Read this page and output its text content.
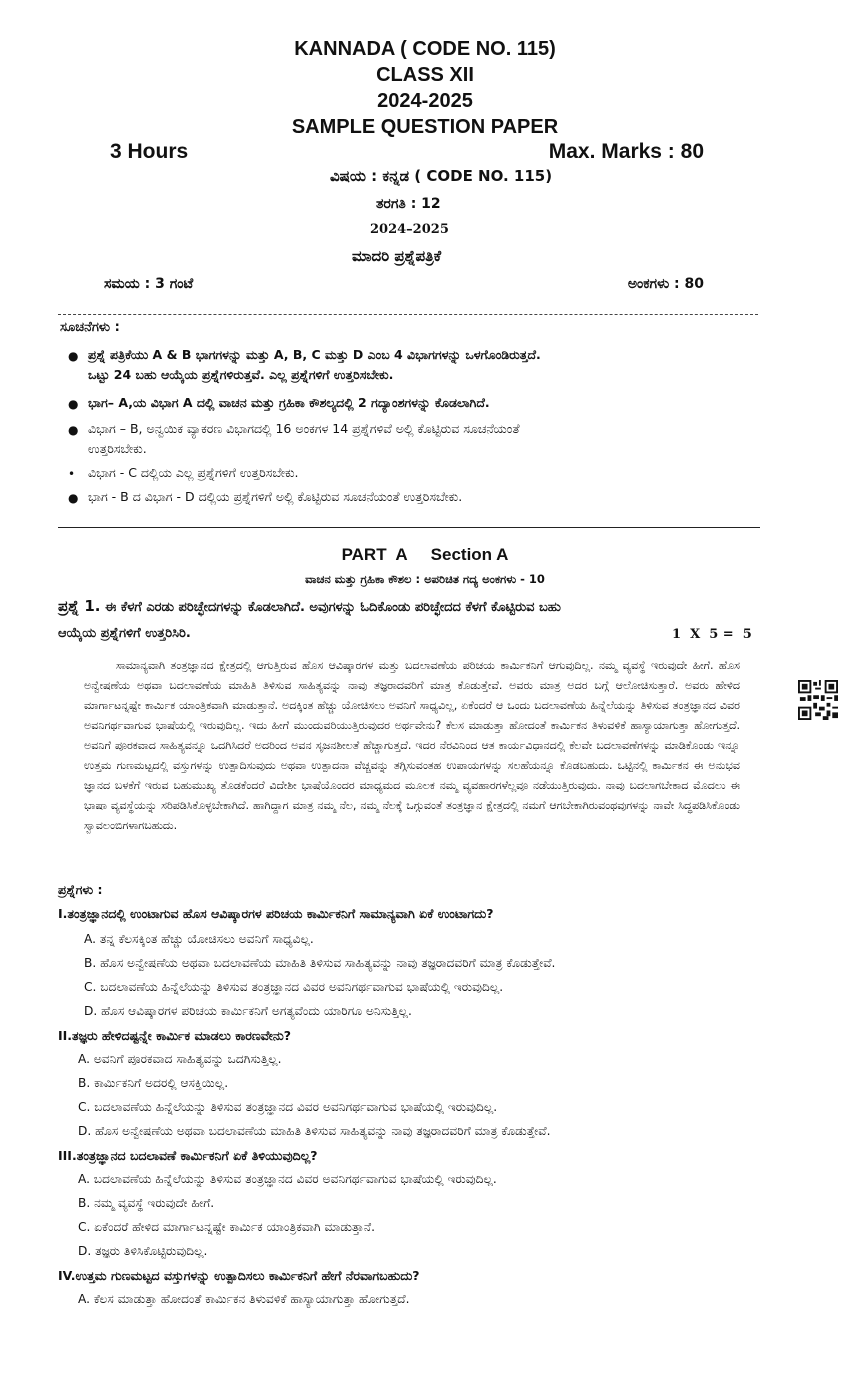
KANNADA ( CODE NO. 115)
CLASS XII
2024-2025
SAMPLE QUESTION PAPER
3 Hours	Max. Marks : 80
ವಿಷಯ : ಕನ್ನಡ ( CODE NO. 115)
ತರಗತಿ : 12
2024–2025
ಮಾದರಿ ಪ್ರಶ್ನೆಪತ್ರಿಕೆ
ಸಮಯ : 3 ಗಂಟೆ	ಅಂಕಗಳು : 80
ಸೂಚನೆಗಳು :
● ಪ್ರಶ್ನೆ ಪತ್ರಿಕೆಯು A & B ಭಾಗಗಳನ್ನು ಮತ್ತು A, B, C ಮತ್ತು D ಎಂಬ 4 ವಿಭಾಗಗಳನ್ನು ಒಳಗೊಂಡಿರುತ್ತದೆ.
ಒಟ್ಟು 24 ಬಹು ಆಯ್ಕೆಯ ಪ್ರಶ್ನೆಗಳಿರುತ್ತವೆ. ಎಲ್ಲ ಪ್ರಶ್ನೆಗಳಿಗೆ ಉತ್ತರಿಸಬೇಕು.
● ಭಾಗ– A,ಯ ವಿಭಾಗ A ದಲ್ಲಿ ವಾಚನ ಮತ್ತು ಗ್ರಹಿಕಾ ಕೌಶಲ್ಯದಲ್ಲಿ 2 ಗದ್ಯಾಂಶಗಳನ್ನು ಕೊಡಲಾಗಿದೆ.
● ವಿಭಾಗ – B, ಅನ್ವಯಿಕ ವ್ಯಾಕರಣ ವಿಭಾಗದಲ್ಲಿ 16 ಅಂಕಗಳ 14 ಪ್ರಶ್ನೆಗಳಿವೆ ಅಲ್ಲಿ ಕೊಟ್ಟಿರುವ ಸೂಚನೆಯಂತೆ
ಉತ್ತರಿಸಬೇಕು.
• ವಿಭಾಗ - C ದಲ್ಲಿಯ ಎಲ್ಲ ಪ್ರಶ್ನೆಗಳಿಗೆ ಉತ್ತರಿಸಬೇಕು.
● ಭಾಗ - B ದ ವಿಭಾಗ - D ದಲ್ಲಿಯ ಪ್ರಶ್ನೆಗಳಿಗೆ ಅಲ್ಲಿ ಕೊಟ್ಟಿರುವ ಸೂಚನೆಯಂತೆ ಉತ್ತರಿಸಬೇಕು.
PART  A     Section A
ವಾಚನ ಮತ್ತು ಗ್ರಹಿಕಾ ಕೌಶಲ : ಅಪರಿಚಿತ ಗದ್ಯ ಅಂಕಗಳು - 10
ಪ್ರಶ್ನೆ 1. ಈ ಕೆಳಗೆ ಎರಡು ಪರಿಚ್ಛೇದಗಳನ್ನು ಕೊಡಲಾಗಿದೆ. ಅವುಗಳನ್ನು ಓದಿಕೊಂಡು ಪರಿಚ್ಛೇದದ ಕೆಳಗೆ ಕೊಟ್ಟಿರುವ ಬಹು
ಆಯ್ಕೆಯ ಪ್ರಶ್ನೆಗಳಿಗೆ ಉತ್ತರಿಸಿರಿ.	1  X  5 =  5
ಸಾಮಾನ್ಯವಾಗಿ ತಂತ್ರಜ್ಞಾನದ ಕ್ಷೇತ್ರದಲ್ಲಿ ಆಗುತ್ತಿರುವ ಹೊಸ ಆವಿಷ್ಕಾರಗಳ ಮತ್ತು ಬದಲಾವಣೆಯ ಪರಿಚಯ ಕಾರ್ಮಿಕನಿಗೆ ಆಗುವುದಿಲ್ಲ. ನಮ್ಮ ವ್ಯವಸ್ಥೆ ಇರುವುದೇ ಹೀಗೆ. ಹೊಸ ಅನ್ವೇಷಣೆಯ ಅಥವಾ ಬದಲಾವಣೆಯ ಮಾಹಿತಿ ತಿಳಿಸುವ ಸಾಹಿತ್ಯವನ್ನು ನಾವು ತಜ್ಞರಾದವರಿಗೆ ಮಾತ್ರ ಕೊಡುತ್ತೇವೆ. ಅವರು ಮಾತ್ರ ಅದರ ಬಗ್ಗೆ ಆಲೋಚಿಸುತ್ತಾರೆ. ಅವರು ಹೇಳಿದ ಮಾರ್ಗಾಟನ್ನಷ್ಟೇ ಕಾರ್ಮಿಕ ಯಾಂತ್ರಿಕವಾಗಿ ಮಾಡುತ್ತಾನೆ. ಅದಕ್ಕಿಂತ ಹೆಚ್ಚು ಯೋಚಿಸಲು ಅವನಿಗೆ ಸಾಧ್ಯವಿಲ್ಲ, ಏಕೆಂದರೆ ಆ ಒಂದು ಬದಲಾವಣೆಯ ಹಿನ್ನೆಲೆಯನ್ನು ತಿಳಿಸುವ ತಂತ್ರಜ್ಞಾನದ ವಿವರ ಅವನಿಗರ್ಥವಾಗುವ ಭಾಷೆಯಲ್ಲಿ ಇರುವುದಿಲ್ಲ. ಇದು ಹೀಗೆ ಮುಂದುವರಿಯುತ್ತಿರುವುದರ ಅರ್ಥವೇನು? ಕೆಲಸ ಮಾಡುತ್ತಾ ಹೋದಂತೆ ಕಾರ್ಮಿಕನ ತಿಳುವಳಿಕೆ ಹಾಸ್ಯಾಯಾಗುತ್ತಾ ಹೋಗುತ್ತದೆ. ಅವನಿಗೆ ಪೂರಕವಾದ ಸಾಹಿತ್ಯವನ್ನೂ ಒದಗಿಸಿದರೆ ಅದರಿಂದ ಅವನ ಸೃಜನಶೀಲತೆ ಹೆಚ್ಚಾಗುತ್ತದೆ. ಇದರ ನೆರವಿನಿಂದ ಆತ ಕಾರ್ಯವಿಧಾನದಲ್ಲಿ ಕೆಲವೇ ಬದಲಾವಣೆಗಳನ್ನು ಮಾಡಿಕೊಂಡು ಇನ್ನೂ ಉತ್ತಮ ಗುಣಮಟ್ಟದಲ್ಲಿ ವಸ್ತುಗಳನ್ನು ಉತ್ಪಾದಿಸುವುದು ಅಥವಾ ಉತ್ಪಾದನಾ ವೆಚ್ಚವನ್ನು ತಗ್ಗಿಸುವಂತಹ ಉಪಾಯಗಳನ್ನು ಸಲಹೆಯನ್ನೂ ಕೊಡಬಹುದು. ಒಟ್ಟಿನಲ್ಲಿ ಕಾರ್ಮಿಕನ ಈ ಅನುಭವ ಜ್ಞಾನದ ಬಳಕೆಗೆ ಇರುವ ಬಹುಮುಖ್ಯ ತೊಡಕೆಂದರೆ ವಿದೇಶೀ ಭಾಷೆಯೊಂದರ ಮಾಧ್ಯಮದ ಮೂಲಕ ನಮ್ಮ ವ್ಯವಹಾರಗಳೆಲ್ಲವೂ ನಡೆಯುತ್ತಿರುವುದು. ನಾವು ಬದಲಾಗಬೇಕಾದ ಮೊದಲು ಈ ಭಾಷಾ ವ್ಯವಸ್ಥೆಯನ್ನು ಸರಿಪಡಿಸಿಕೊಳ್ಳಬೇಕಾಗಿದೆ. ಹಾಗಿದ್ದಾಗ ಮಾತ್ರ ನಮ್ಮ ನೆಲ, ನಮ್ಮ ನೆಲಕ್ಕೆ ಒಗ್ಗುವಂತೆ ತಂತ್ರಜ್ಞಾನ ಕ್ಷೇತ್ರದಲ್ಲಿ ನಮಗೆ ಆಗಬೇಕಾಗಿರುವಂಥವುಗಳನ್ನು ನಾವೇ ಸಿದ್ಧಪಡಿಸಿಕೊಂಡು ಸ್ವಾವಲಂಬಿಗಳಾಗಬಹುದು.
ಪ್ರಶ್ನೆಗಳು :
I.ತಂತ್ರಜ್ಞಾನದಲ್ಲಿ ಉಂಟಾಗುವ ಹೊಸ ಆವಿಷ್ಕಾರಗಳ ಪರಿಚಯ ಕಾರ್ಮಿಕನಿಗೆ ಸಾಮಾನ್ಯವಾಗಿ ಏಕೆ ಉಂಟಾಗದು?
A. ತನ್ನ ಕೆಲಸಕ್ಕಿಂತ ಹೆಚ್ಚು ಯೋಚಿಸಲು ಅವನಿಗೆ ಸಾಧ್ಯವಿಲ್ಲ.
B. ಹೊಸ ಅನ್ವೇಷಣೆಯ ಅಥವಾ ಬದಲಾವಣೆಯ ಮಾಹಿತಿ ತಿಳಿಸುವ ಸಾಹಿತ್ಯವನ್ನು ನಾವು ತಜ್ಞರಾದವರಿಗೆ ಮಾತ್ರ ಕೊಡುತ್ತೇವೆ.
C. ಬದಲಾವಣೆಯ ಹಿನ್ನೆಲೆಯನ್ನು ತಿಳಿಸುವ ತಂತ್ರಜ್ಞಾನದ ವಿವರ ಅವನಿಗರ್ಥವಾಗುವ ಭಾಷೆಯಲ್ಲಿ ಇರುವುದಿಲ್ಲ.
D. ಹೊಸ ಆವಿಷ್ಕಾರಗಳ ಪರಿಚಯ ಕಾರ್ಮಿಕನಿಗೆ ಅಗತ್ಯವೆಂದು ಯಾರಿಗೂ ಅನಿಸುತ್ತಿಲ್ಲ.
II.ತಜ್ಞರು ಹೇಳಿದಷ್ಟನ್ನೇ ಕಾರ್ಮಿಕ ಮಾಡಲು ಕಾರಣವೇನು?
A. ಅವನಿಗೆ ಪೂರಕವಾದ ಸಾಹಿತ್ಯವನ್ನು ಒದಗಿಸುತ್ತಿಲ್ಲ.
B. ಕಾರ್ಮಿಕನಿಗೆ ಅದರಲ್ಲಿ ಆಸಕ್ತಿಯಿಲ್ಲ.
C. ಬದಲಾವಣೆಯ ಹಿನ್ನೆಲೆಯನ್ನು ತಿಳಿಸುವ ತಂತ್ರಜ್ಞಾನದ ವಿವರ ಅವನಿಗರ್ಥವಾಗುವ ಭಾಷೆಯಲ್ಲಿ ಇರುವುದಿಲ್ಲ.
D. ಹೊಸ ಅನ್ವೇಷಣೆಯ ಅಥವಾ ಬದಲಾವಣೆಯ ಮಾಹಿತಿ ತಿಳಿಸುವ ಸಾಹಿತ್ಯವನ್ನು ನಾವು ತಜ್ಞರಾದವರಿಗೆ ಮಾತ್ರ ಕೊಡುತ್ತೇವೆ.
III.ತಂತ್ರಜ್ಞಾನದ ಬದಲಾವಣೆ ಕಾರ್ಮಿಕನಿಗೆ ಏಕೆ ತಿಳಿಯುವುದಿಲ್ಲ?
A. ಬದಲಾವಣೆಯ ಹಿನ್ನೆಲೆಯನ್ನು ತಿಳಿಸುವ ತಂತ್ರಜ್ಞಾನದ ವಿವರ ಅವನಿಗರ್ಥವಾಗುವ ಭಾಷೆಯಲ್ಲಿ ಇರುವುದಿಲ್ಲ.
B. ನಮ್ಮ ವ್ಯವಸ್ಥೆ ಇರುವುದೇ ಹೀಗೆ.
C. ಏಕೆಂದರೆ ಹೇಳಿದ ಮಾರ್ಗಾಟನ್ನಷ್ಟೇ ಕಾರ್ಮಿಕ ಯಾಂತ್ರಿಕವಾಗಿ ಮಾಡುತ್ತಾನೆ.
D. ತಜ್ಞರು ತಿಳಿಸಿಕೊಟ್ಟಿರುವುದಿಲ್ಲ.
IV.ಉತ್ತಮ ಗುಣಮಟ್ಟದ ವಸ್ತುಗಳನ್ನು ಉತ್ಪಾದಿಸಲು ಕಾರ್ಮಿಕನಿಗೆ ಹೇಗೆ ನೆರವಾಗಬಹುದು?
A. ಕೆಲಸ ಮಾಡುತ್ತಾ ಹೋದಂತೆ ಕಾರ್ಮಿಕನ ತಿಳುವಳಿಕೆ ಹಾಸ್ಯಾಯಾಗುತ್ತಾ ಹೋಗುತ್ತದೆ.
